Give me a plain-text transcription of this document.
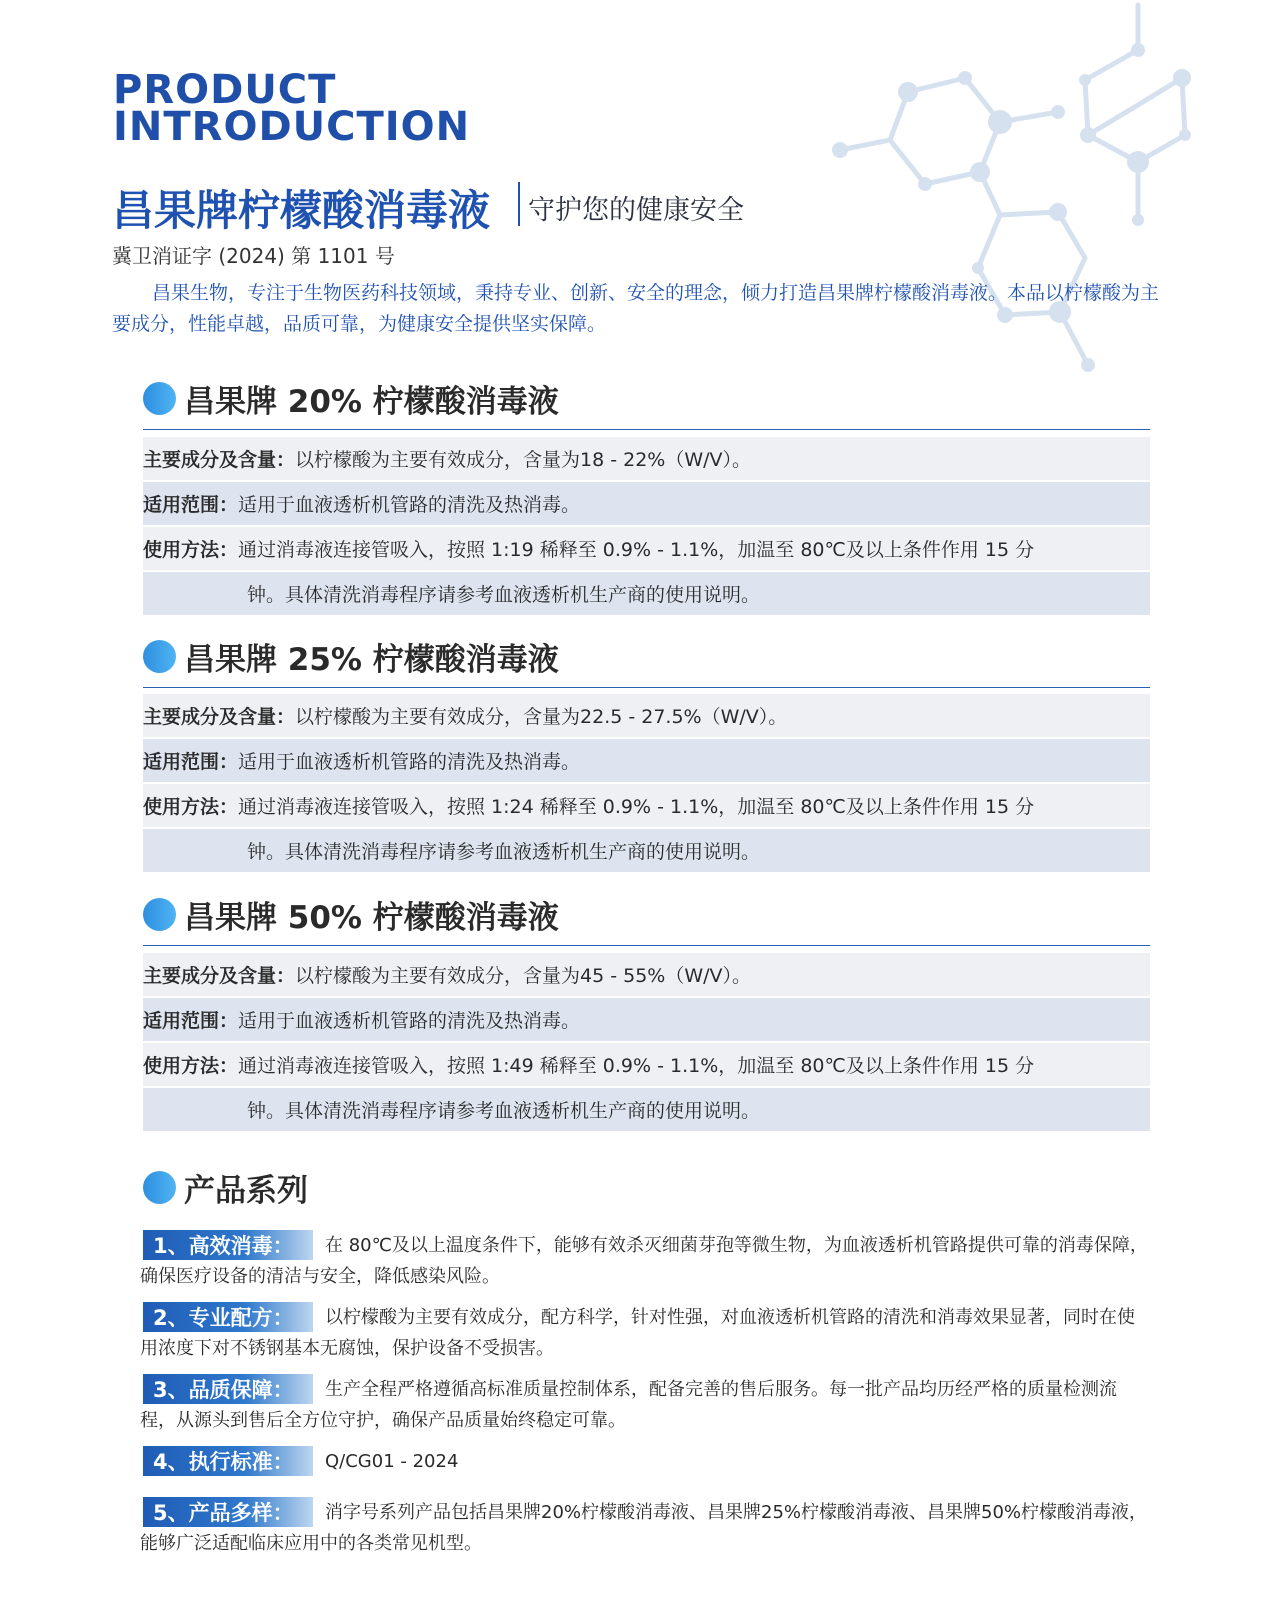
PRODUCT
INTRODUCTION
昌果牌柠檬酸消毒液 守护您的健康安全
冀卫消证字 (2024) 第 1101 号
昌果生物，专注于生物医药科技领域，秉持专业、创新、安全的理念，倾力打造昌果牌柠檬酸消毒液。本品以柠檬酸为主要成分，性能卓越，品质可靠，为健康安全提供坚实保障。
昌果牌 20% 柠檬酸消毒液
主要成分及含量： 以柠檬酸为主要有效成分，含量为18 - 22%（W/V）。
适用范围： 适用于血液透析机管路的清洗及热消毒。
使用方法： 通过消毒液连接管吸入，按照 1:19 稀释至 0.9% - 1.1%，加温至 80℃及以上条件作用 15 分
钟。具体清洗消毒程序请参考血液透析机生产商的使用说明。
昌果牌 25% 柠檬酸消毒液
主要成分及含量： 以柠檬酸为主要有效成分，含量为22.5 - 27.5%（W/V）。
适用范围： 适用于血液透析机管路的清洗及热消毒。
使用方法： 通过消毒液连接管吸入，按照 1:24 稀释至 0.9% - 1.1%，加温至 80℃及以上条件作用 15 分
钟。具体清洗消毒程序请参考血液透析机生产商的使用说明。
昌果牌 50% 柠檬酸消毒液
主要成分及含量： 以柠檬酸为主要有效成分，含量为45 - 55%（W/V）。
适用范围： 适用于血液透析机管路的清洗及热消毒。
使用方法： 通过消毒液连接管吸入，按照 1:49 稀释至 0.9% - 1.1%，加温至 80℃及以上条件作用 15 分
钟。具体清洗消毒程序请参考血液透析机生产商的使用说明。
产品系列
1、高效消毒：	在 80℃及以上温度条件下，能够有效杀灭细菌芽孢等微生物，为血液透析机管路提供可靠的消毒保障，确保医疗设备的清洁与安全，降低感染风险。
2、专业配方：	以柠檬酸为主要有效成分，配方科学，针对性强，对血液透析机管路的清洗和消毒效果显著，同时在使用浓度下对不锈钢基本无腐蚀，保护设备不受损害。
3、品质保障：	生产全程严格遵循高标准质量控制体系，配备完善的售后服务。每一批产品均历经严格的质量检测流程，从源头到售后全方位守护，确保产品质量始终稳定可靠。
4、执行标准：	Q/CG01 - 2024
5、产品多样：	消字号系列产品包括昌果牌20%柠檬酸消毒液、昌果牌25%柠檬酸消毒液、昌果牌50%柠檬酸消毒液，能够广泛适配临床应用中的各类常见机型。
